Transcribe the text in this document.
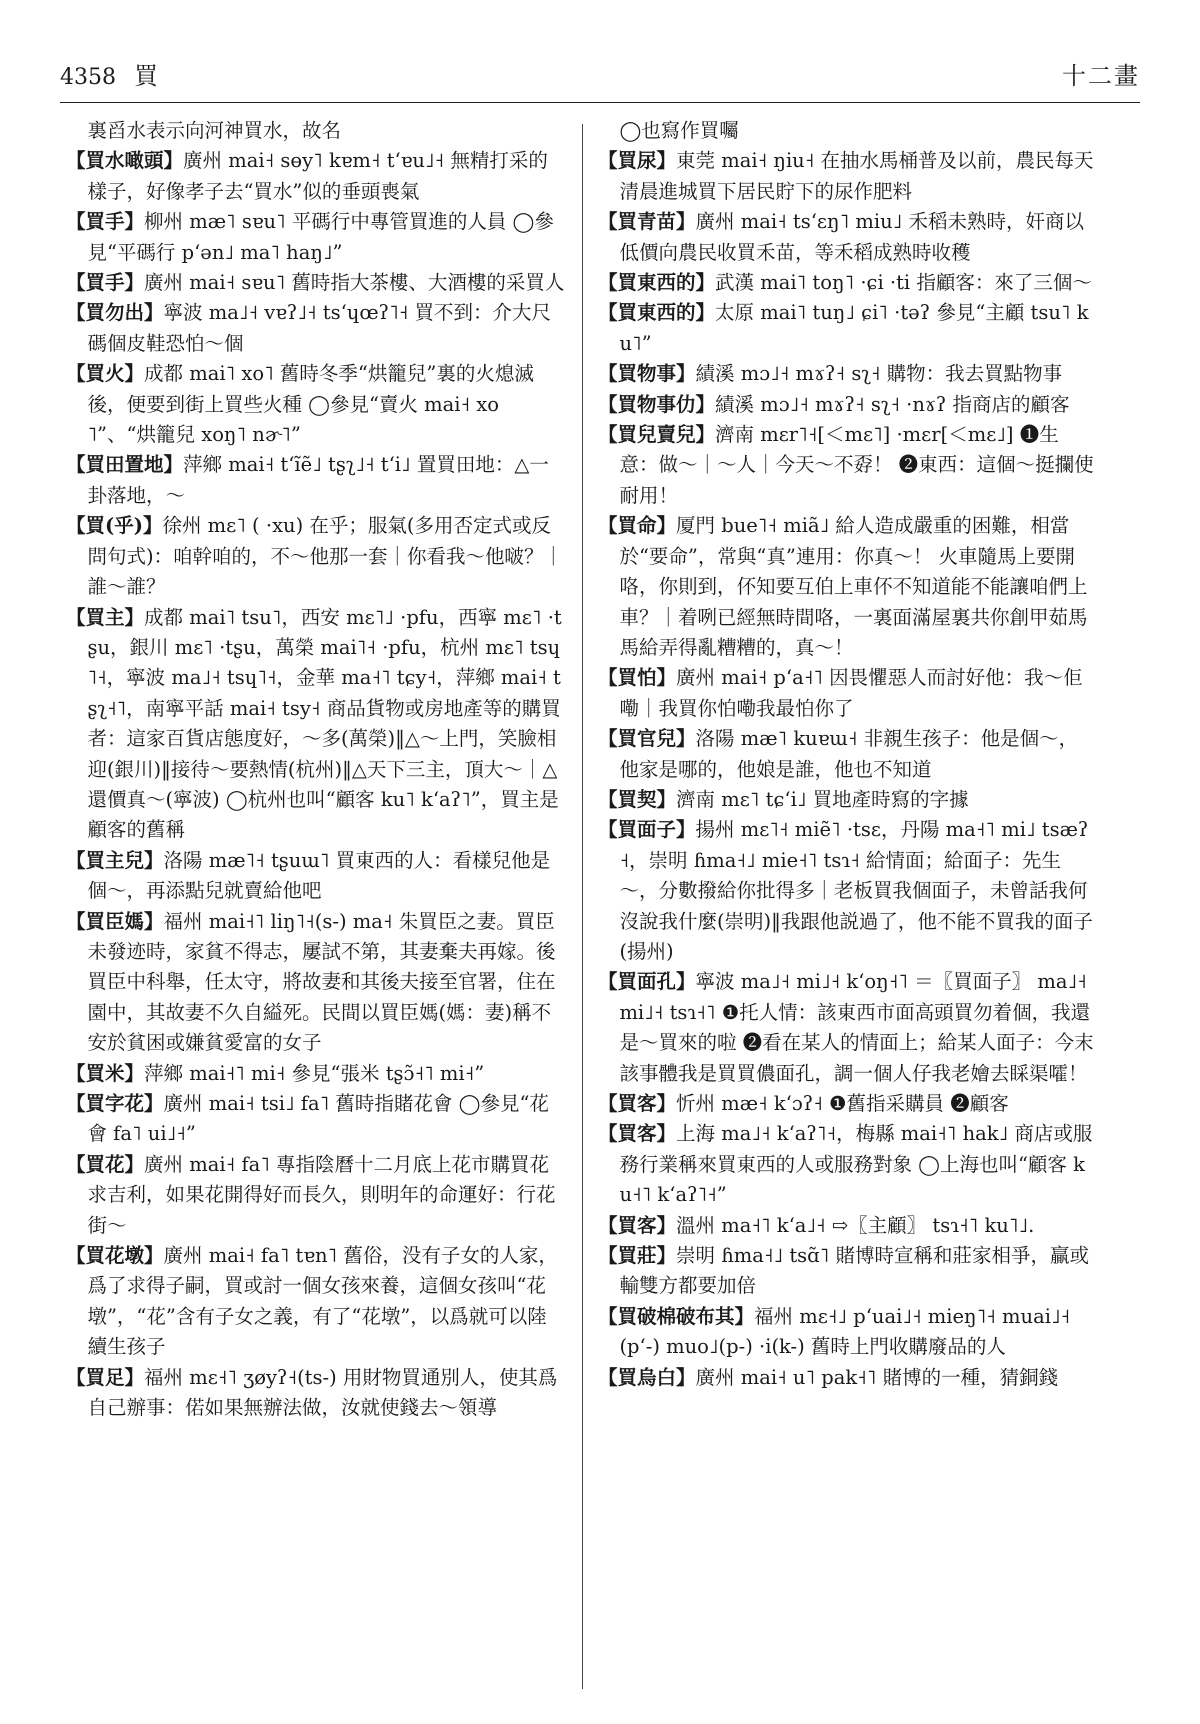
4358 買	十二畫

裏舀水表示向河神買水，故名

【買水噉頭】廣州 mai˧ sɵy˥ kɐm˧ tʻɐu˩˧ 無精打采的樣子，好像孝子去“買水”似的垂頭喪氣

【買手】柳州 mæ˥ sɐu˥ 平碼行中專管買進的人員 ◯參見“平碼行 pʻən˩ ma˥ haŋ˩”

【買手】廣州 mai˧ sɐu˥ 舊時指大茶樓、大酒樓的采買人

【買勿出】寧波 ma˩˧ vɐʔ˩˧ tsʻɥœʔ˥˧ 買不到：介大尺碼個皮鞋恐怕～個

【買火】成都 mai˥ xo˥ 舊時冬季“烘籠兒”裏的火熄滅後，便要到街上買些火種 ◯參見“賣火 mai˧ xo˥”、“烘籠兒 xoŋ˥ nɚ˥”

【買田置地】萍鄉 mai˧ tʻĩẽ˩ tʂʅ˩˧ tʻi˩ 置買田地：△一卦落地，～

【買(乎)】徐州 mɛ˥ ( ·xu) 在乎；服氣(多用否定式或反問句式)：咱幹咱的，不～他那一套｜你看我～他啵？｜誰～誰？

【買主】成都 mai˥ tsu˥，西安 mɛ˥˩ ·pfu，西寧 mɛ˥ ·tʂu，銀川 mɛ˥ ·tʂu，萬榮 mai˥˧ ·pfu，杭州 mɛ˥ tsɥ˥˧，寧波 ma˩˧ tsɥ˥˧，金華 ma˧˥ tɕy˧，萍鄉 mai˧ tʂʅ˧˥，南寧平話 mai˧ tsy˧ 商品貨物或房地產等的購買者：這家百貨店態度好，～多(萬榮)‖△～上門，笑臉相迎(銀川)‖接待～要熱情(杭州)‖△天下三主，頂大～｜△還價真～(寧波) ◯杭州也叫“顧客 ku˥ kʻaʔ˥”，買主是顧客的舊稱

【買主兒】洛陽 mæ˥˧ tʂuɯ˥ 買東西的人：看樣兒他是個～，再添點兒就賣給他吧

【買臣媽】福州 mai˧˥ liŋ˥˧(s-) ma˧ 朱買臣之妻。買臣未發迹時，家貧不得志，屢試不第，其妻棄夫再嫁。後買臣中科舉，任太守，將故妻和其後夫接至官署，住在園中，其故妻不久自縊死。民間以買臣媽(媽：妻)稱不安於貧困或嫌貧愛富的女子

【買米】萍鄉 mai˧˥ mi˧ 參見“張米 tʂɔ̃˧˥ mi˧”

【買字花】廣州 mai˧ tsi˩ fa˥ 舊時指賭花會 ◯參見“花會 fa˥ ui˩˧”

【買花】廣州 mai˧ fa˥ 專指陰曆十二月底上花市購買花求吉利，如果花開得好而長久，則明年的命運好：行花街～

【買花墩】廣州 mai˧ fa˥ tɐn˥ 舊俗，没有子女的人家，爲了求得子嗣，買或討一個女孩來養，這個女孩叫“花墩”，“花”含有子女之義，有了“花墩”，以爲就可以陸續生孩子

【買足】福州 mɛ˧˥ ʒøyʔ˧(ts-) 用財物買通別人，使其爲自己辦事：偌如果無辦法做，汝就使錢去～領導

◯也寫作買囑

【買尿】東莞 mai˧ ŋiu˧ 在抽水馬桶普及以前，農民每天清晨進城買下居民貯下的尿作肥料

【買青苗】廣州 mai˧ tsʻɛŋ˥ miu˩ 禾稻未熟時，奸商以低價向農民收買禾苗，等禾稻成熟時收穫

【買東西的】武漢 mai˥ toŋ˥ ·ɕi ·ti 指顧客：來了三個～

【買東西的】太原 mai˥ tuŋ˩ ɕi˥ ·təʔ 參見“主顧 tsu˥ ku˥”

【買物事】績溪 mɔ˩˧ mɤʔ˧ sʅ˧ 購物：我去買點物事

【買物事仂】績溪 mɔ˩˧ mɤʔ˧ sʅ˧ ·nɤʔ 指商店的顧客

【買兒賣兒】濟南 mɛr˥˧[＜mɛ˥] ·mɛr[＜mɛ˩] ❶生意：做～｜～人｜今天～不孬！ ❷東西：這個～挺攔使耐用！

【買命】厦門 bue˥˧ miã˩ 給人造成嚴重的困難，相當於“要命”，常與“真”連用：你真～！ 火車隨馬上要開咯，你則到，伓知要互伯上車伓不知道能不能讓咱們上車？｜着咧已經無時間咯，一裏面滿屋裏共你創甲茹馬馬給弄得亂糟糟的，真～！

【買怕】廣州 mai˧ pʻa˧˥ 因畏懼惡人而討好他：我～佢嘞｜我買你怕嘞我最怕你了

【買官兒】洛陽 mæ˥ kuɐɯ˧ 非親生孩子：他是個～，他家是哪的，他娘是誰，他也不知道

【買契】濟南 mɛ˥ tɕʻi˩ 買地產時寫的字據

【買面子】揚州 mɛ˥˧ miẽ˥ ·tsɛ，丹陽 ma˧˥ mi˩ tsæʔ˧，崇明 ɦma˧˩ mie˧˥ tsɿ˧ 給情面；給面子：先生～，分數撥給你批得多｜老板買我個面子，未曾話我何沒說我什麼(崇明)‖我跟他説過了，他不能不買我的面子(揚州)

【買面孔】寧波 ma˩˧ mi˩˧ kʻoŋ˧˥ ＝〖買面子〗 ma˩˧ mi˩˧ tsɿ˧˥ ❶托人情：該東西市面高頭買勿着個，我還是～買來的啦 ❷看在某人的情面上；給某人面子：今末該事體我是買買儂面孔，調一個人仔我老嬒去睬渠嚯！

【買客】忻州 mæ˧ kʻɔʔ˧ ❶舊指采購員 ❷顧客

【買客】上海 ma˩˧ kʻaʔ˥˧，梅縣 mai˧˥ hak˩ 商店或服務行業稱來買東西的人或服務對象 ◯上海也叫“顧客 ku˧˥ kʻaʔ˥˧”

【買客】溫州 ma˧˥ kʻa˩˧ ⇨〖主顧〗 tsɿ˧˥ ku˥˩.

【買莊】崇明 ɦma˧˩ tsɑ̃˥ 賭博時宣稱和莊家相爭，贏或輸雙方都要加倍

【買破棉破布其】福州 mɛ˧˩ pʻuai˩˧ mieŋ˥˧ muai˩˧ (pʻ-) muo˩(p-) ·i(k-) 舊時上門收購廢品的人

【買烏白】廣州 mai˧ u˥ pak˧˥ 賭博的一種，猜銅錢
